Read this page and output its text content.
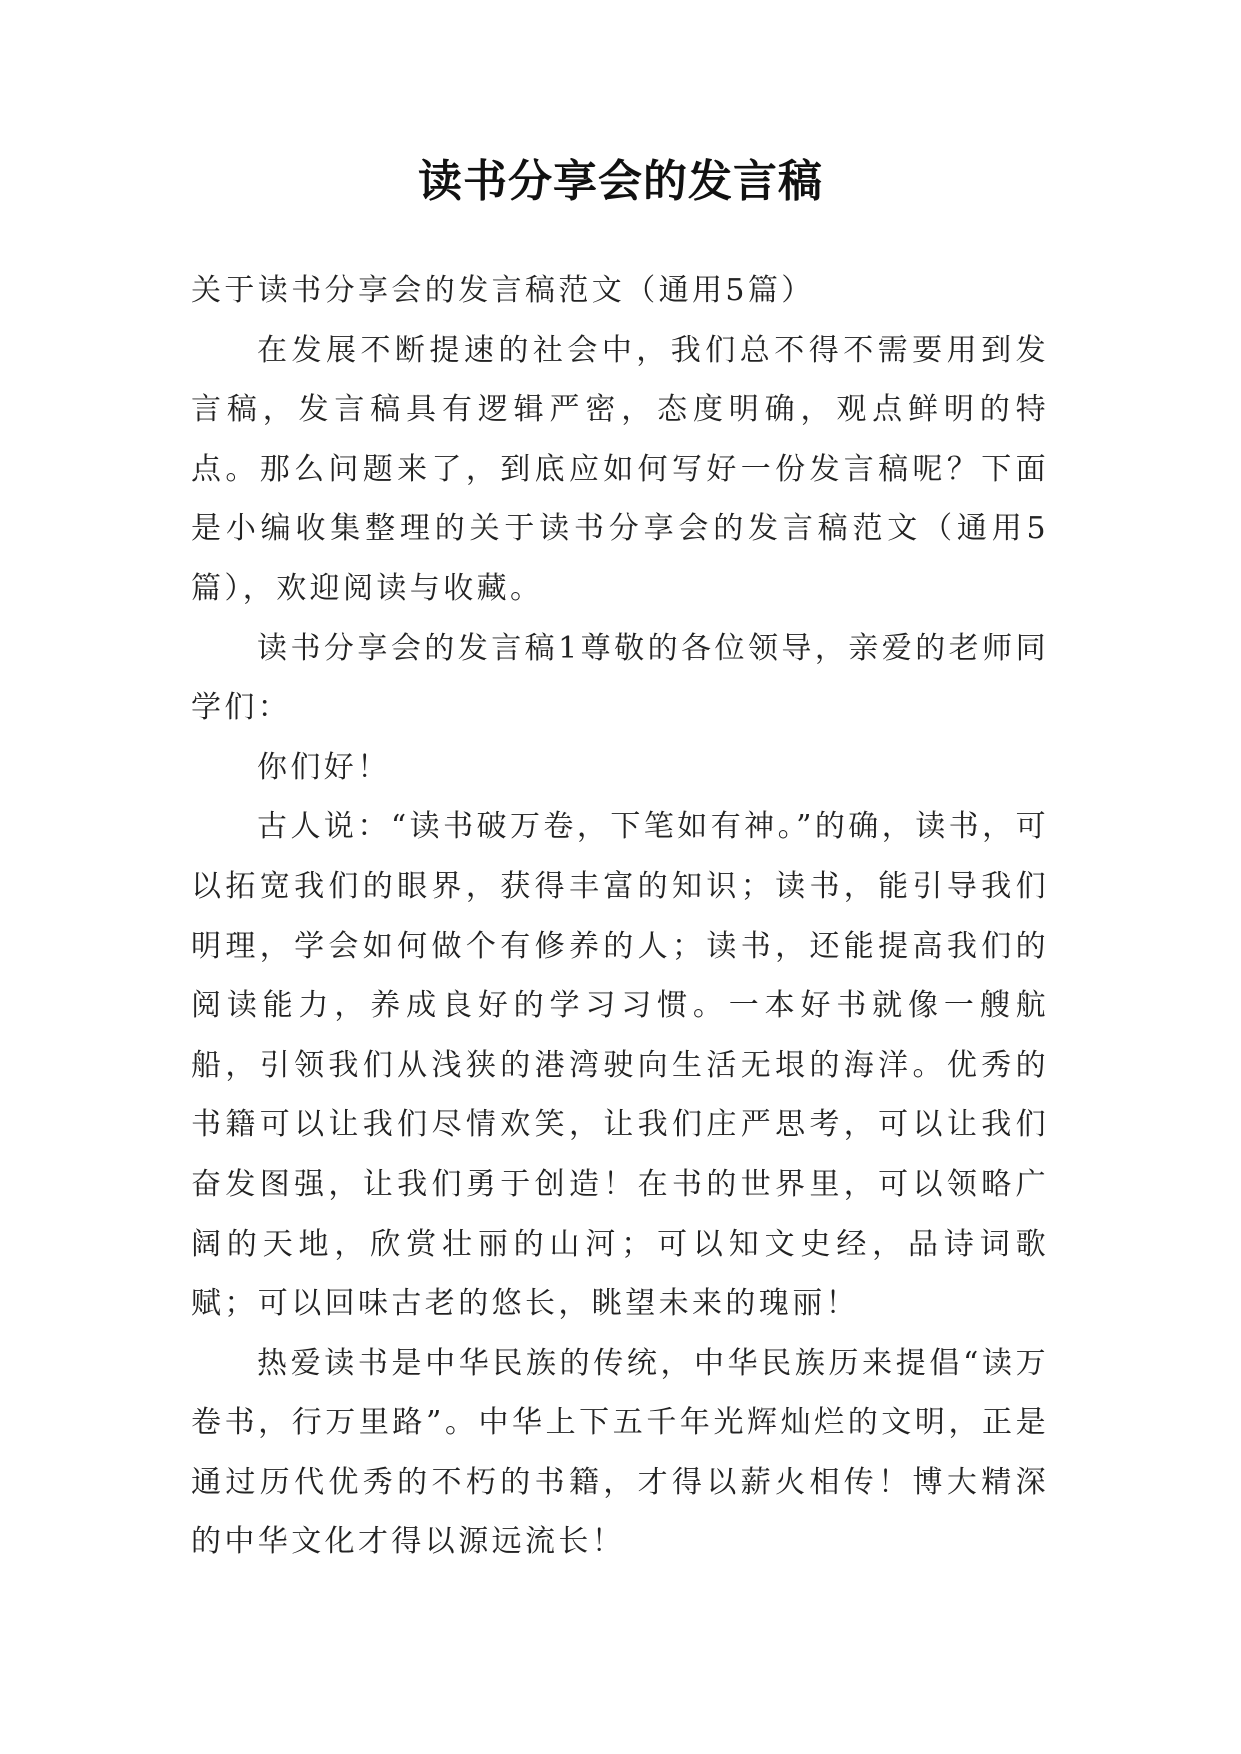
读书分享会的发言稿

关于读书分享会的发言稿范文（通用5篇）

在发展不断提速的社会中，我们总不得不需要用到发言稿，发言稿具有逻辑严密，态度明确，观点鲜明的特点。那么问题来了，到底应如何写好一份发言稿呢？下面是小编收集整理的关于读书分享会的发言稿范文（通用5篇），欢迎阅读与收藏。

读书分享会的发言稿1尊敬的各位领导，亲爱的老师同学们：

你们好！

古人说：“读书破万卷，下笔如有神。”的确，读书，可以拓宽我们的眼界，获得丰富的知识；读书，能引导我们明理，学会如何做个有修养的人；读书，还能提高我们的阅读能力，养成良好的学习习惯。一本好书就像一艘航船，引领我们从浅狭的港湾驶向生活无垠的海洋。优秀的书籍可以让我们尽情欢笑，让我们庄严思考，可以让我们奋发图强，让我们勇于创造！在书的世界里，可以领略广阔的天地，欣赏壮丽的山河；可以知文史经，品诗词歌赋；可以回味古老的悠长，眺望未来的瑰丽！

热爱读书是中华民族的传统，中华民族历来提倡“读万卷书，行万里路”。中华上下五千年光辉灿烂的文明，正是通过历代优秀的不朽的书籍，才得以薪火相传！博大精深的中华文化才得以源远流长！
